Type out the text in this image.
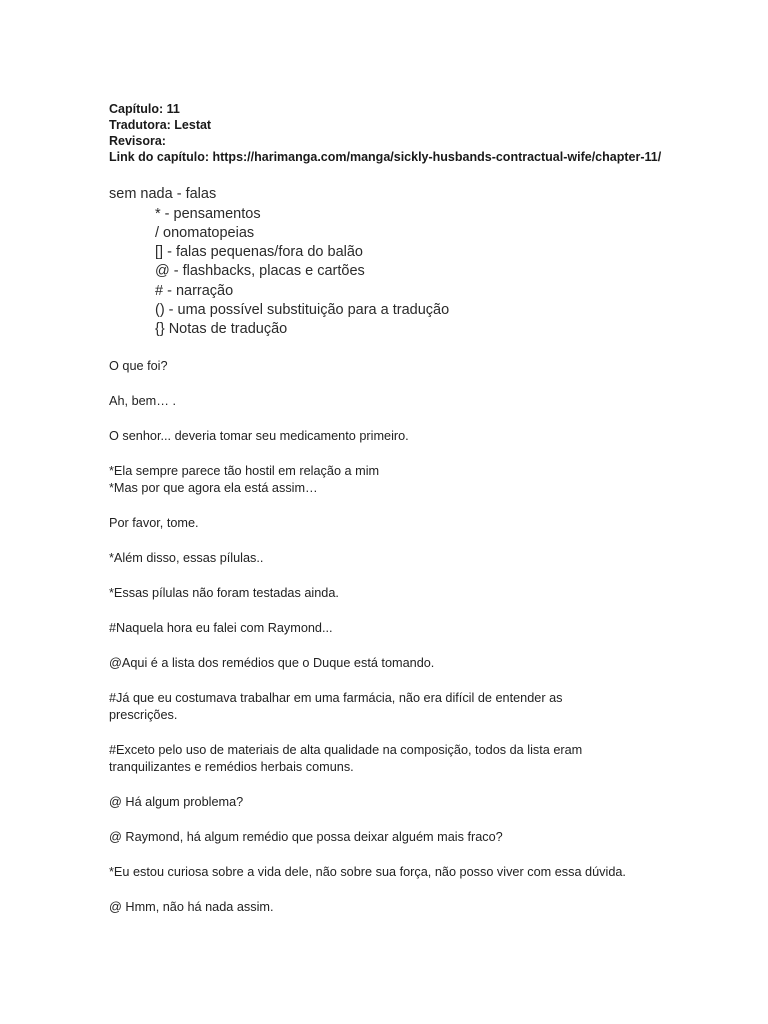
Capítulo: 11
Tradutora: Lestat
Revisora:
Link do capítulo: https://harimanga.com/manga/sickly-husbands-contractual-wife/chapter-11/
sem nada - falas
* - pensamentos
/ onomatopeias
[] - falas pequenas/fora do balão
@ - flashbacks, placas e cartões
# - narração
() - uma possível substituição para a tradução
{} Notas de tradução

O que foi?

Ah, bem… .

O senhor... deveria tomar seu medicamento primeiro.

*Ela sempre parece tão hostil em relação a mim
*Mas por que agora ela está assim…

Por favor, tome.

*Além disso, essas pílulas..

*Essas pílulas não foram testadas ainda.

#Naquela hora eu falei com Raymond...

@Aqui é a lista dos remédios que o Duque está tomando.

#Já que eu costumava trabalhar em uma farmácia, não era difícil de entender as
prescrições.

#Exceto pelo uso de materiais de alta qualidade na composição, todos da lista eram
tranquilizantes e remédios herbais comuns.

@ Há algum problema?

@ Raymond, há algum remédio que possa deixar alguém mais fraco?

*Eu estou curiosa sobre a vida dele, não sobre sua força, não posso viver com essa dúvida.

@ Hmm, não há nada assim.
